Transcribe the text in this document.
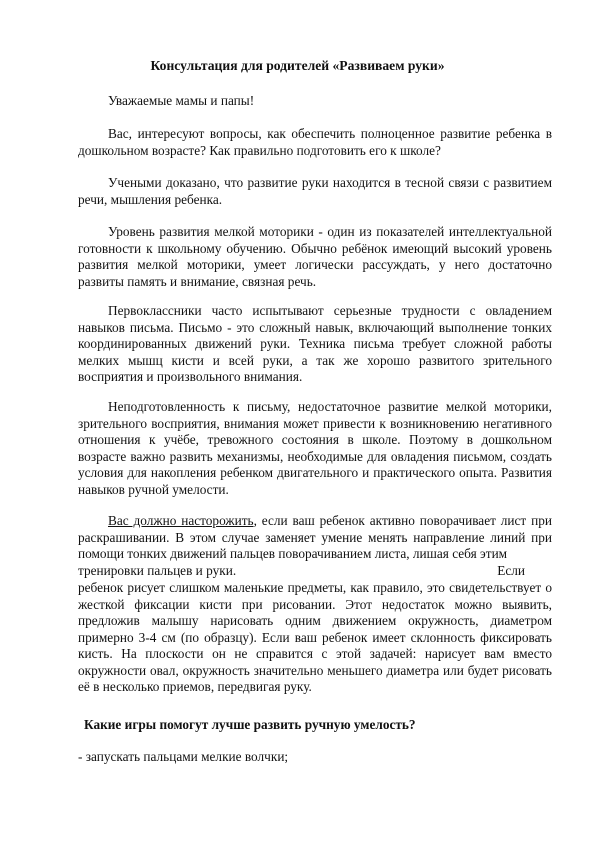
Консультация для родителей «Развиваем руки»
Уважаемые мамы и папы!

Вас, интересуют вопросы, как обеспечить полноценное развитие ребенка в дошкольном возрасте? Как правильно подготовить его к школе?

Учеными доказано, что развитие руки находится в тесной связи с развитием речи, мышления ребенка.

Уровень развития мелкой моторики - один из показателей интеллектуальной готовности к школьному обучению. Обычно ребёнок имеющий высокий уровень развития мелкой моторики, умеет логически рассуждать, у него достаточно развиты память и внимание, связная речь.

Первоклассники часто испытывают серьезные трудности с овладением навыков письма. Письмо - это сложный навык, включающий выполнение тонких координированных движений руки. Техника письма требует сложной работы мелких мышц кисти и всей руки, а так же хорошо развитого зрительного восприятия и произвольного внимания.

Неподготовленность к письму, недостаточное развитие мелкой моторики, зрительного восприятия, внимания может привести к возникновению негативного отношения к учёбе, тревожного состояния в школе. Поэтому в дошкольном возрасте важно развить механизмы, необходимые для овладения письмом, создать условия для накопления ребенком двигательного и практического опыта. Развития навыков ручной умелости.

Вас должно насторожить, если ваш ребенок активно поворачивает лист при раскрашивании. В этом случае заменяет умение менять направление линий при помощи тонких движений пальцев поворачиванием листа, лишая себя этим

тренировки пальцев и руки.	Если

ребенок рисует слишком маленькие предметы, как правило, это свидетельствует о жесткой фиксации кисти при рисовании. Этот недостаток можно выявить, предложив малышу нарисовать одним движением окружность, диаметром примерно 3-4 см (по образцу). Если ваш ребенок имеет склонность фиксировать кисть. На плоскости он не справится с этой задачей: нарисует вам вместо окружности овал, окружность значительно меньшего диаметра или будет рисовать её в несколько приемов, передвигая руку.

Какие игры помогут лучше развить ручную умелость?
- запускать пальцами мелкие волчки;
